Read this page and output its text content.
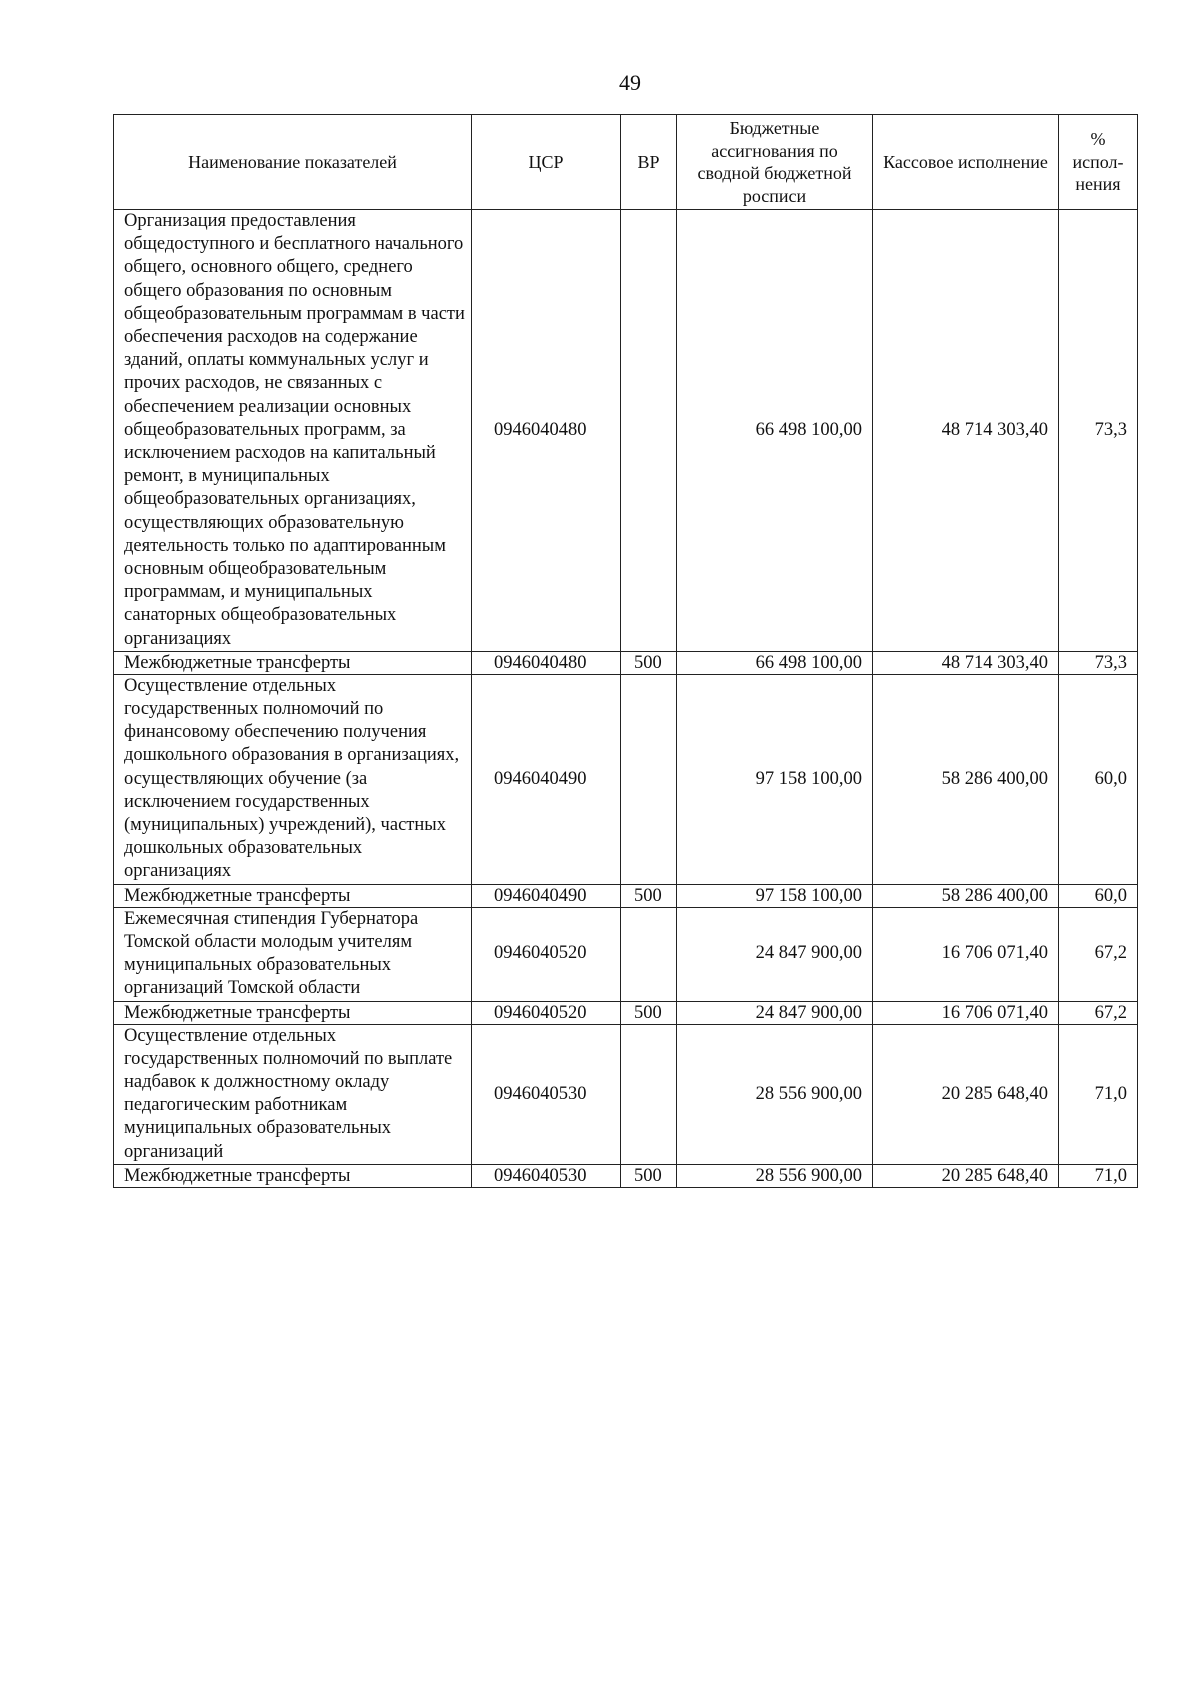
49
Наименование показателей	ЦСР	ВР	Бюджетные ассигнования по сводной бюджетной росписи	Кассовое исполнение	% испол-нения
Организация предоставления общедоступного и бесплатного начального общего, основного общего, среднего общего образования по основным общеобразовательным программам в части обеспечения расходов на содержание зданий, оплаты коммунальных услуг и прочих расходов, не связанных с обеспечением реализации основных общеобразовательных программ, за исключением расходов на капитальный ремонт, в муниципальных общеобразовательных организациях, осуществляющих образовательную деятельность только по адаптированным основным общеобразовательным программам, и муниципальных санаторных общеобразовательных организациях	0946040480		66 498 100,00	48 714 303,40	73,3
Межбюджетные трансферты	0946040480	500	66 498 100,00	48 714 303,40	73,3
Осуществление отдельных государственных полномочий по финансовому обеспечению получения дошкольного образования в организациях, осуществляющих обучение (за исключением государственных (муниципальных) учреждений), частных дошкольных образовательных организациях	0946040490		97 158 100,00	58 286 400,00	60,0
Межбюджетные трансферты	0946040490	500	97 158 100,00	58 286 400,00	60,0
Ежемесячная стипендия Губернатора Томской области молодым учителям муниципальных образовательных организаций Томской области	0946040520		24 847 900,00	16 706 071,40	67,2
Межбюджетные трансферты	0946040520	500	24 847 900,00	16 706 071,40	67,2
Осуществление отдельных государственных полномочий по выплате надбавок к должностному окладу педагогическим работникам муниципальных образовательных организаций	0946040530		28 556 900,00	20 285 648,40	71,0
Межбюджетные трансферты	0946040530	500	28 556 900,00	20 285 648,40	71,0
